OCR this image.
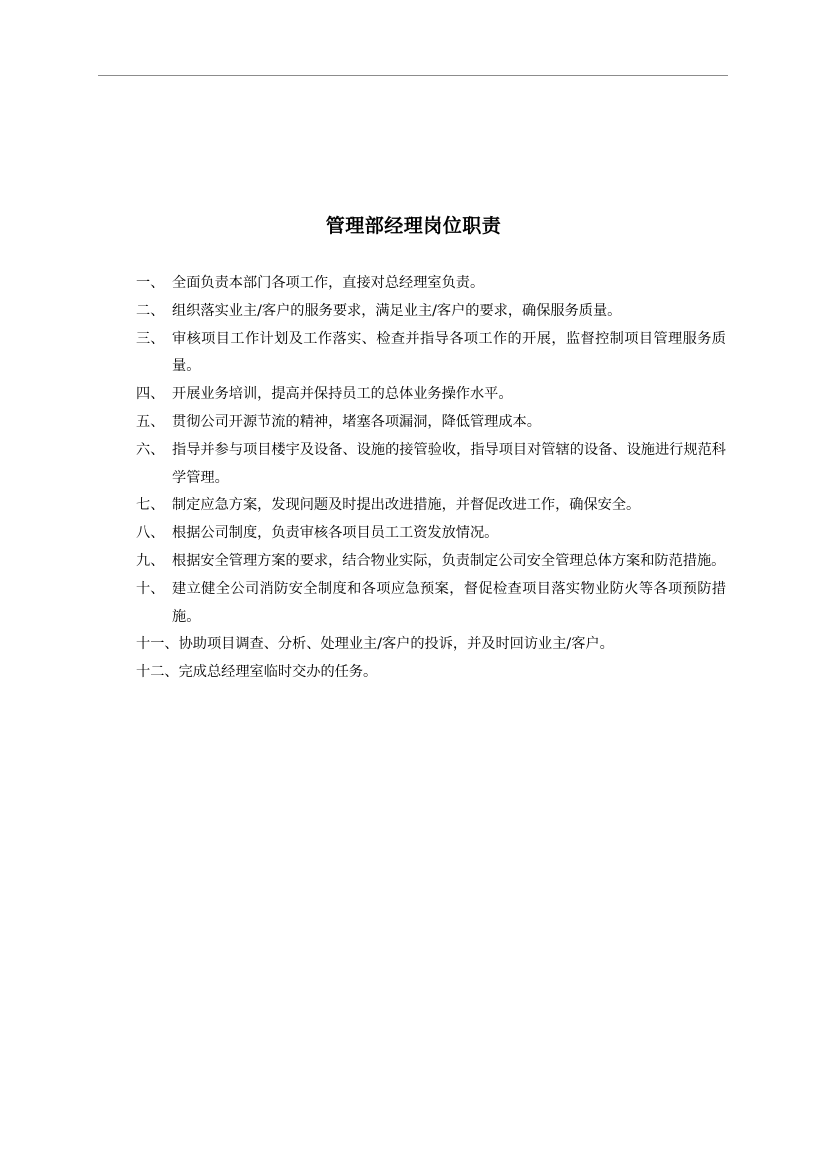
管理部经理岗位职责
一、 全面负责本部门各项工作，直接对总经理室负责。
二、 组织落实业主/客户的服务要求，满足业主/客户的要求，确保服务质量。
三、 审核项目工作计划及工作落实、检查并指导各项工作的开展，监督控制项目管理服务质量。
四、 开展业务培训，提高并保持员工的总体业务操作水平。
五、 贯彻公司开源节流的精神，堵塞各项漏洞，降低管理成本。
六、 指导并参与项目楼宇及设备、设施的接管验收，指导项目对管辖的设备、设施进行规范科学管理。
七、 制定应急方案，发现问题及时提出改进措施，并督促改进工作，确保安全。
八、 根据公司制度，负责审核各项目员工工资发放情况。
九、 根据安全管理方案的要求，结合物业实际，负责制定公司安全管理总体方案和防范措施。
十、 建立健全公司消防安全制度和各项应急预案，督促检查项目落实物业防火等各项预防措施。
十一、 协助项目调查、分析、处理业主/客户的投诉，并及时回访业主/客户。
十二、 完成总经理室临时交办的任务。
